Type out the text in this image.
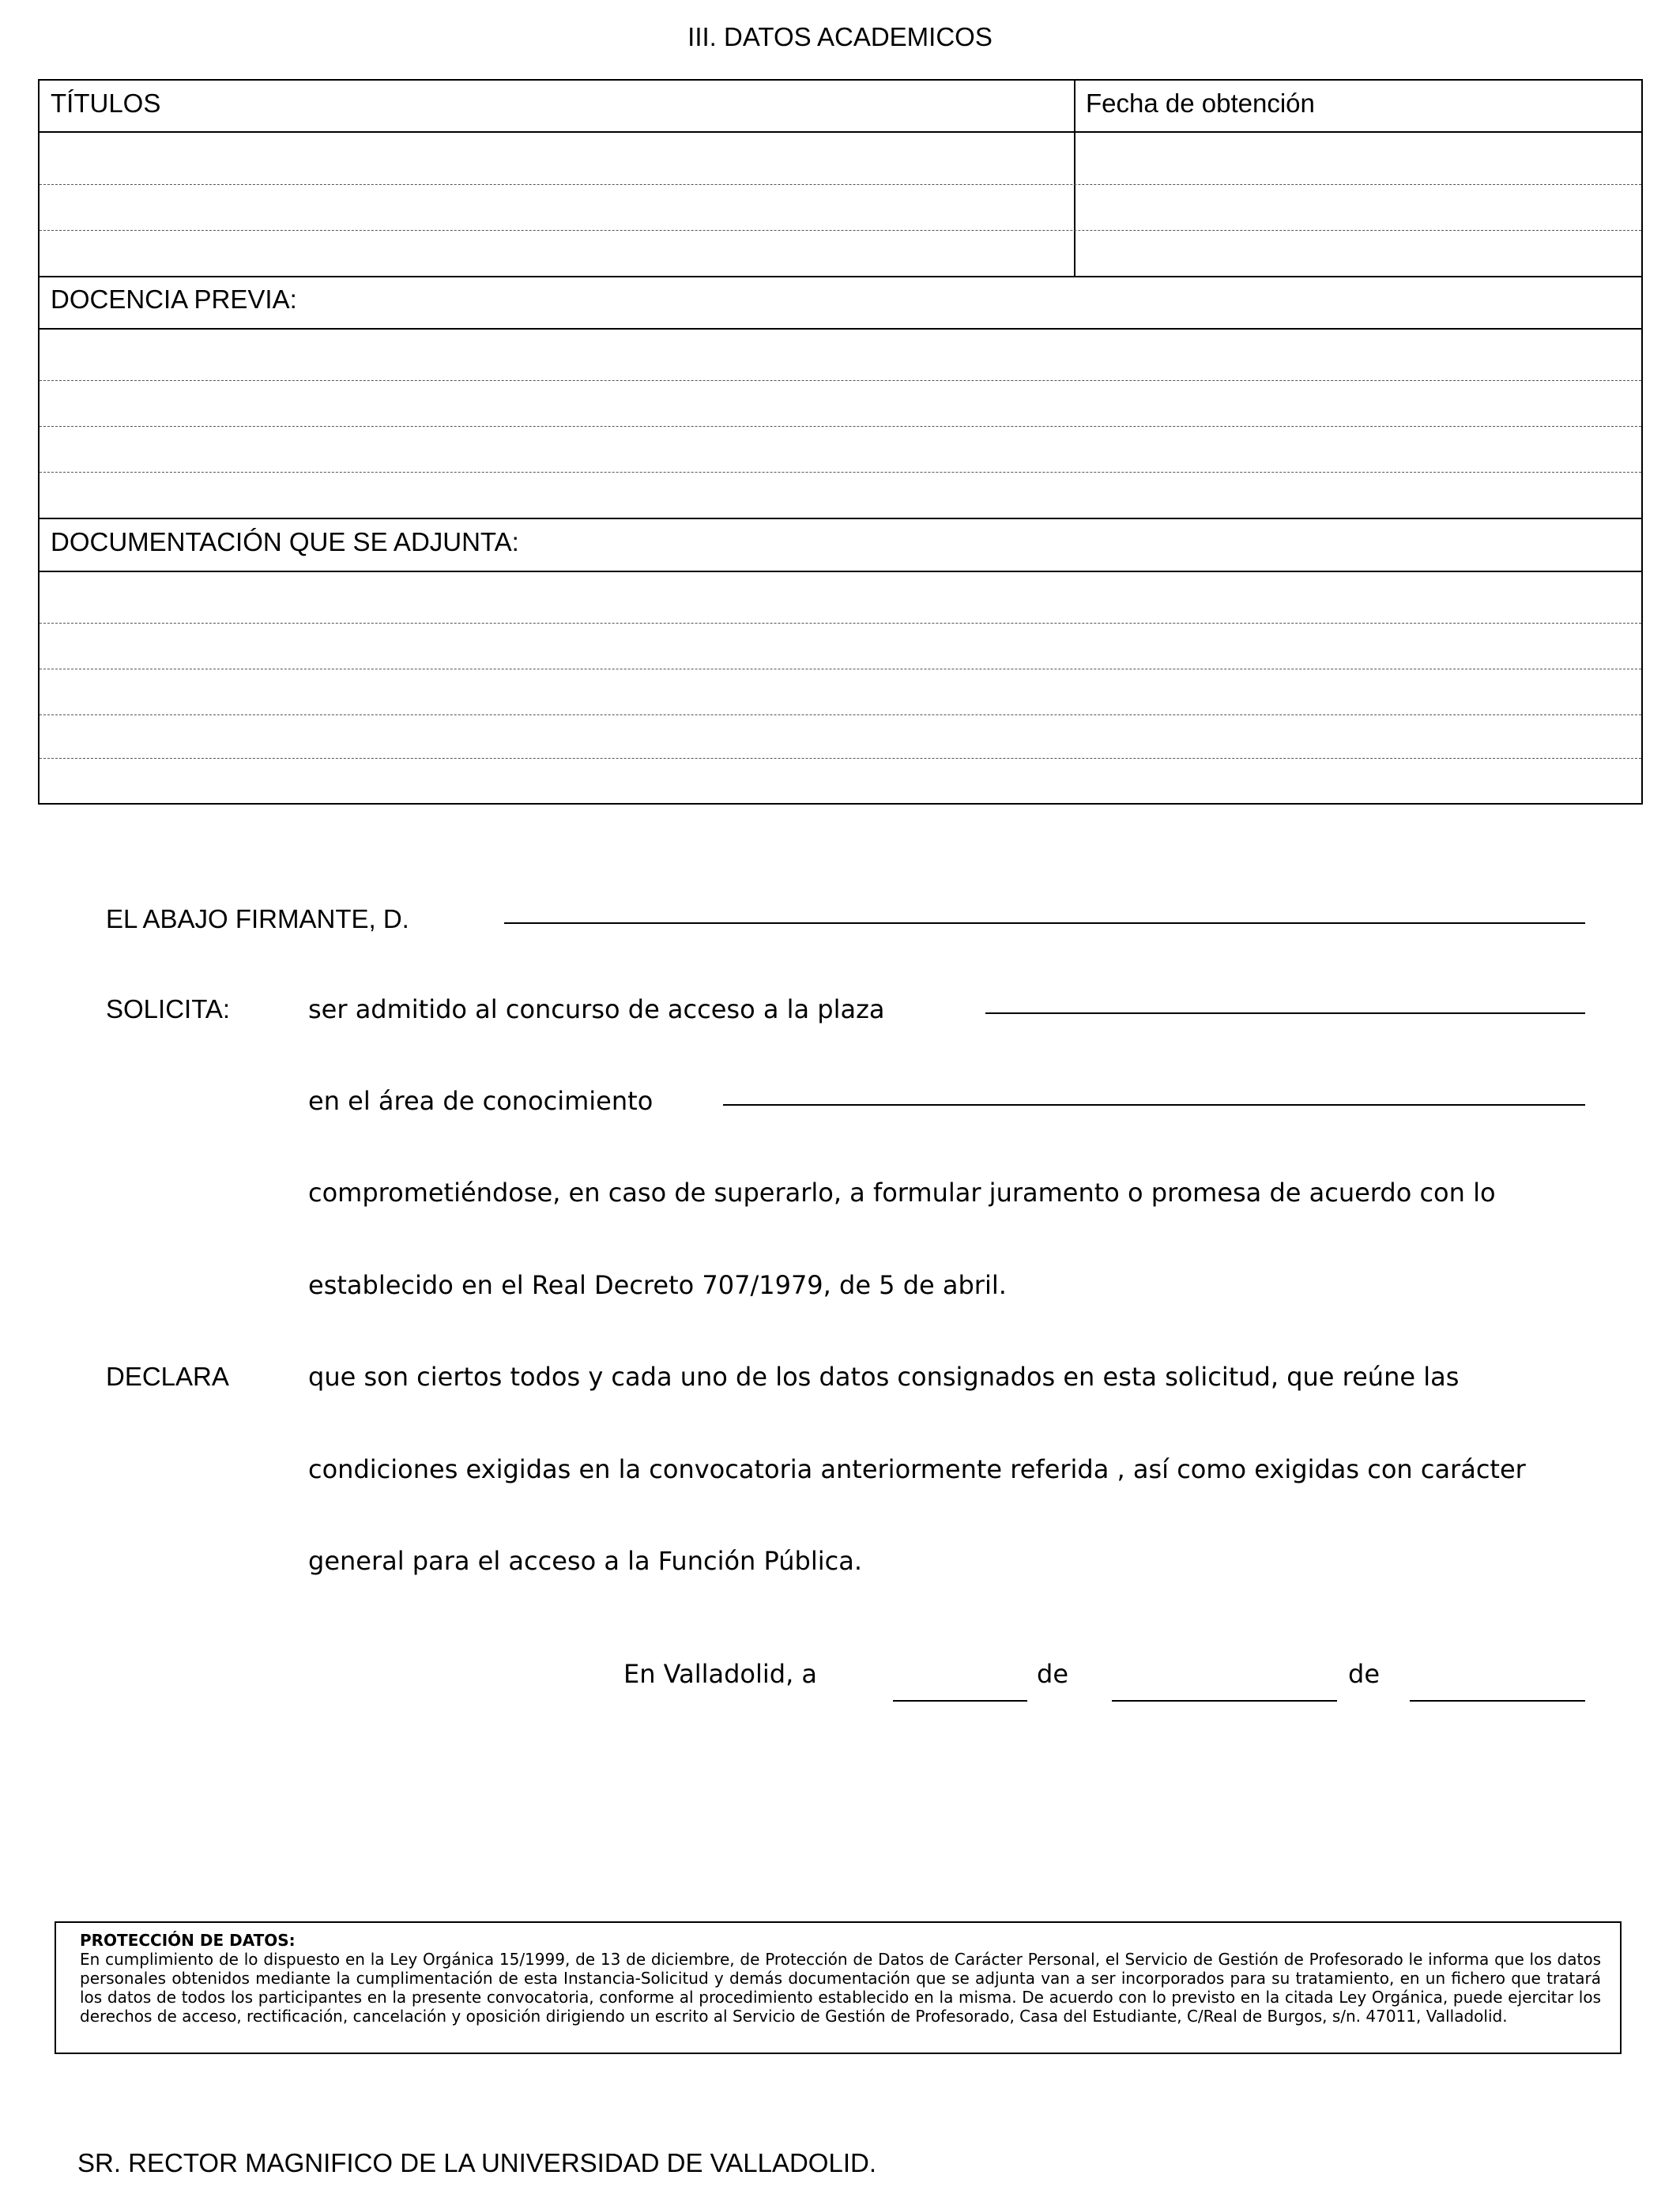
III. DATOS ACADEMICOS
TÍTULOS	Fecha de obtención
DOCENCIA PREVIA:
DOCUMENTACIÓN QUE SE ADJUNTA:
EL ABAJO FIRMANTE, D.
SOLICITA:	ser admitido al concurso de acceso a la plaza
en el área de conocimiento
comprometiéndose, en caso de superarlo, a formular juramento o promesa de acuerdo con lo
establecido en el Real Decreto 707/1979, de 5 de abril.
DECLARA	que son ciertos todos y cada uno de los datos consignados en esta solicitud, que reúne las
condiciones exigidas en la convocatoria anteriormente referida , así como exigidas con carácter
general para el acceso a la Función Pública.
En Valladolid, a	de	de
PROTECCIÓN DE DATOS:
En cumplimiento de lo dispuesto en la Ley Orgánica 15/1999, de 13 de diciembre, de Protección de Datos de Carácter Personal, el Servicio de Gestión de Profesorado le informa que los datos personales obtenidos mediante la cumplimentación de esta Instancia-Solicitud y demás documentación que se adjunta van a ser incorporados para su tratamiento, en un fichero que tratará los datos de todos los participantes en la presente convocatoria, conforme al procedimiento establecido en la misma. De acuerdo con lo previsto en la citada Ley Orgánica, puede ejercitar los derechos de acceso, rectificación, cancelación y oposición dirigiendo un escrito al Servicio de Gestión de Profesorado, Casa del Estudiante, C/Real de Burgos, s/n. 47011, Valladolid.
SR. RECTOR MAGNIFICO DE LA UNIVERSIDAD DE VALLADOLID.
